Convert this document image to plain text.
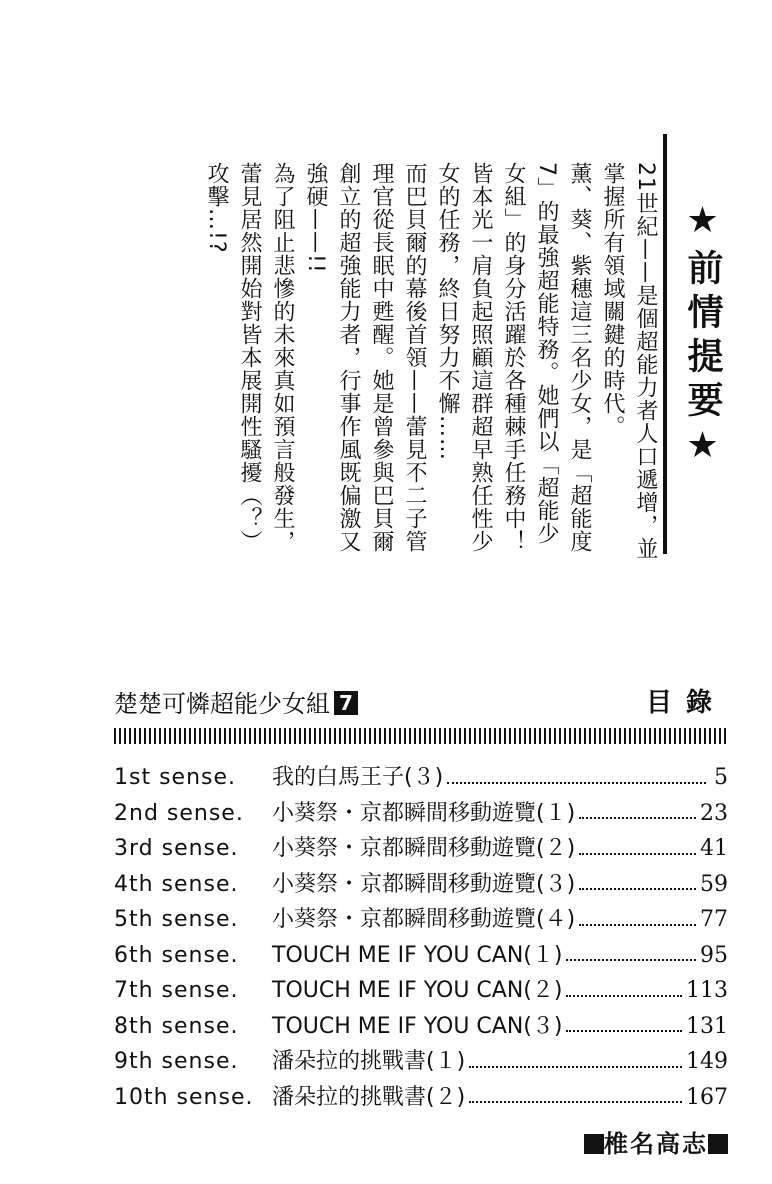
★前情提要★

21世紀——是個超能力者人口遞增，並掌握所有領域關鍵的時代。

薰、葵、紫穗這三名少女，是「超能度7」的最強超能特務。她們以「超能少女組」的身分活躍於各種棘手任務中！

皆本光一肩負起照顧這群超早熟任性少女的任務，終日努力不懈……

而巴貝爾的幕後首領——蕾見不二子管理官從長眠中甦醒。她是曾參與巴貝爾創立的超強能力者，行事作風既偏激又強硬——!!

為了阻止悲慘的未來真如預言般發生，蕾見居然開始對皆本展開性騷擾（？）攻擊…!?

楚楚可憐超能少女組 7	目錄
1st sense.	我的白馬王子(３)	5
2nd sense.	小葵祭・京都瞬間移動遊覽(１)	23
3rd sense.	小葵祭・京都瞬間移動遊覽(２)	41
4th sense.	小葵祭・京都瞬間移動遊覽(３)	59
5th sense.	小葵祭・京都瞬間移動遊覽(４)	77
6th sense.	TOUCH ME IF YOU CAN(１)	95
7th sense.	TOUCH ME IF YOU CAN(２)	113
8th sense.	TOUCH ME IF YOU CAN(３)	131
9th sense.	潘朵拉的挑戰書(１)	149
10th sense. 潘朵拉的挑戰書(２)	167
椎名高志
